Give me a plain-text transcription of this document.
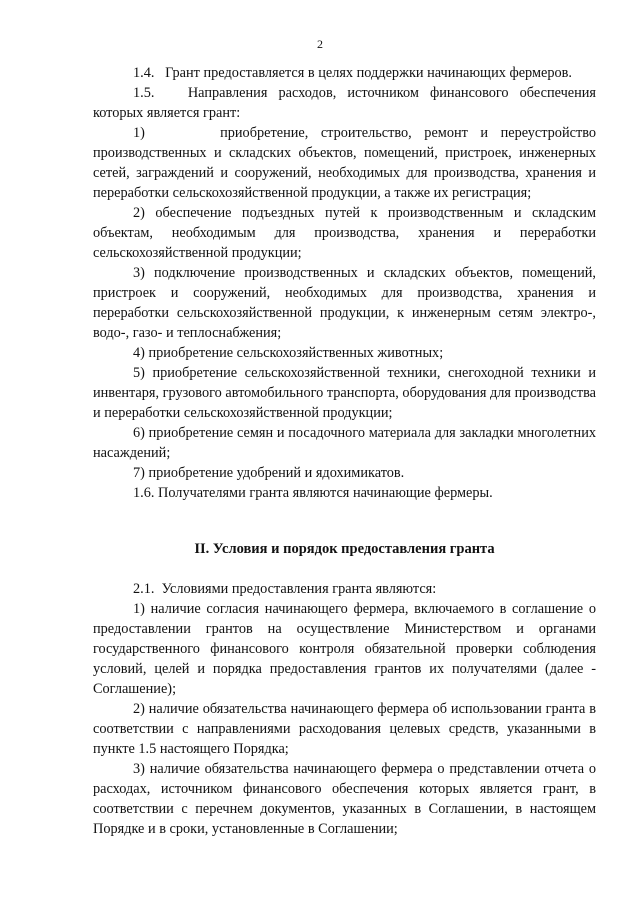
2

1.4.   Грант предоставляется в целях поддержки начинающих фермеров.

1.5.   Направления расходов, источником финансового обеспечения которых является грант:

1)      приобретение, строительство, ремонт и переустройство производственных и складских объектов, помещений, пристроек, инженерных сетей, заграждений и сооружений, необходимых для производства, хранения и переработки сельскохозяйственной продукции, а также их регистрация;

2) обеспечение подъездных путей к производственным и складским объектам, необходимым для производства, хранения и переработки сельскохозяйственной продукции;

3) подключение производственных и складских объектов, помещений, пристроек и сооружений, необходимых для производства, хранения и переработки сельскохозяйственной продукции, к инженерным сетям электро-, водо-, газо- и теплоснабжения;

4) приобретение сельскохозяйственных животных;

5) приобретение сельскохозяйственной техники, снегоходной техники и инвентаря, грузового автомобильного транспорта, оборудования для производства и переработки сельскохозяйственной продукции;

6) приобретение семян и посадочного материала для закладки многолетних насаждений;

7) приобретение удобрений и ядохимикатов.

1.6. Получателями гранта являются начинающие фермеры.

II. Условия и порядок предоставления гранта

2.1.  Условиями предоставления гранта являются:

1) наличие согласия начинающего фермера, включаемого в соглашение о предоставлении грантов на осуществление Министерством и органами государственного финансового контроля обязательной проверки соблюдения условий, целей и порядка предоставления грантов их получателями (далее - Соглашение);

2) наличие обязательства начинающего фермера об использовании гранта в соответствии с направлениями расходования целевых средств, указанными в пункте 1.5 настоящего Порядка;

3) наличие обязательства начинающего фермера о представлении отчета о расходах, источником финансового обеспечения которых является грант, в соответствии с перечнем документов, указанных в Соглашении, в настоящем Порядке и в сроки, установленные в Соглашении;
